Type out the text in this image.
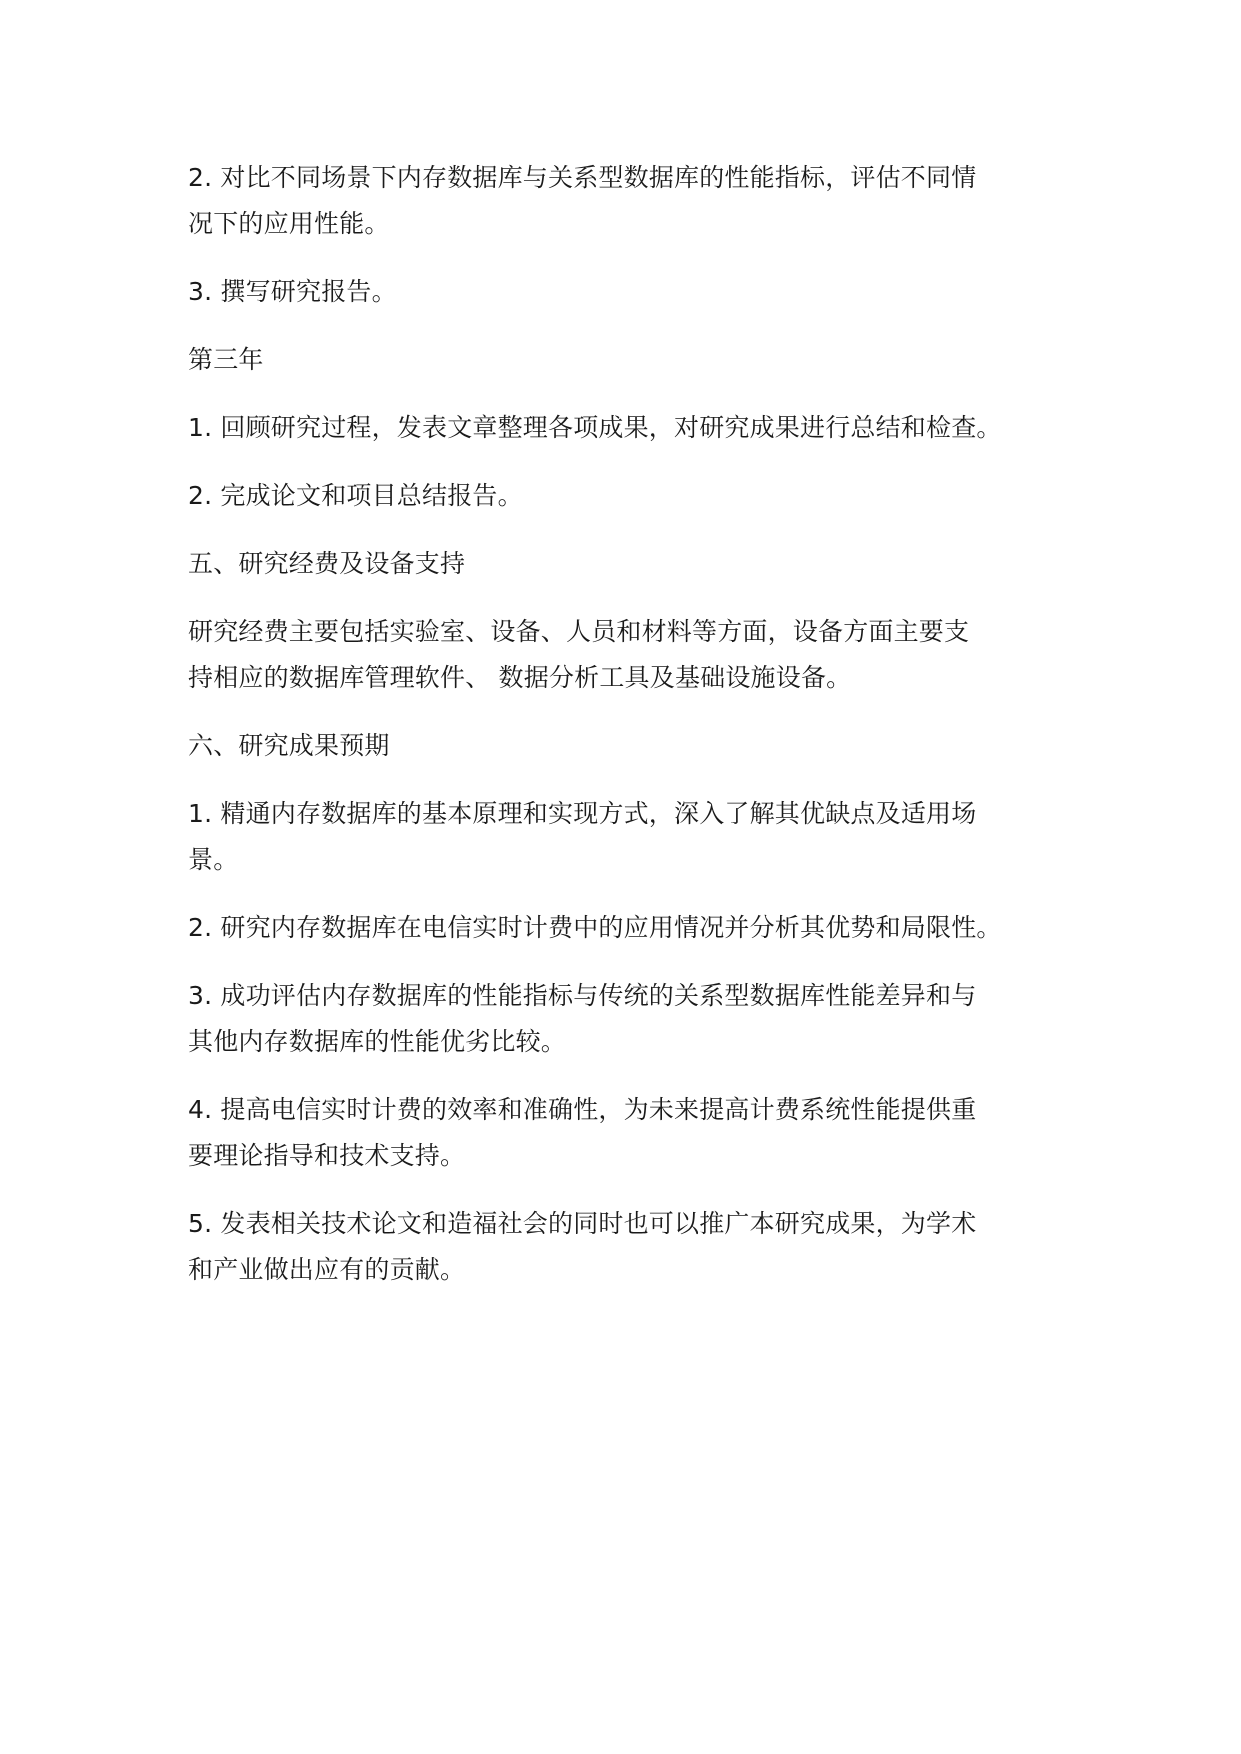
2. 对比不同场景下内存数据库与关系型数据库的性能指标，评估不同情
况下的应用性能。

3. 撰写研究报告。

第三年

1. 回顾研究过程，发表文章整理各项成果，对研究成果进行总结和检查。

2. 完成论文和项目总结报告。

五、研究经费及设备支持

研究经费主要包括实验室、设备、人员和材料等方面，设备方面主要支
持相应的数据库管理软件、 数据分析工具及基础设施设备。

六、研究成果预期

1. 精通内存数据库的基本原理和实现方式，深入了解其优缺点及适用场
景。

2. 研究内存数据库在电信实时计费中的应用情况并分析其优势和局限性。

3. 成功评估内存数据库的性能指标与传统的关系型数据库性能差异和与
其他内存数据库的性能优劣比较。

4. 提高电信实时计费的效率和准确性，为未来提高计费系统性能提供重
要理论指导和技术支持。

5. 发表相关技术论文和造福社会的同时也可以推广本研究成果，为学术
和产业做出应有的贡献。
